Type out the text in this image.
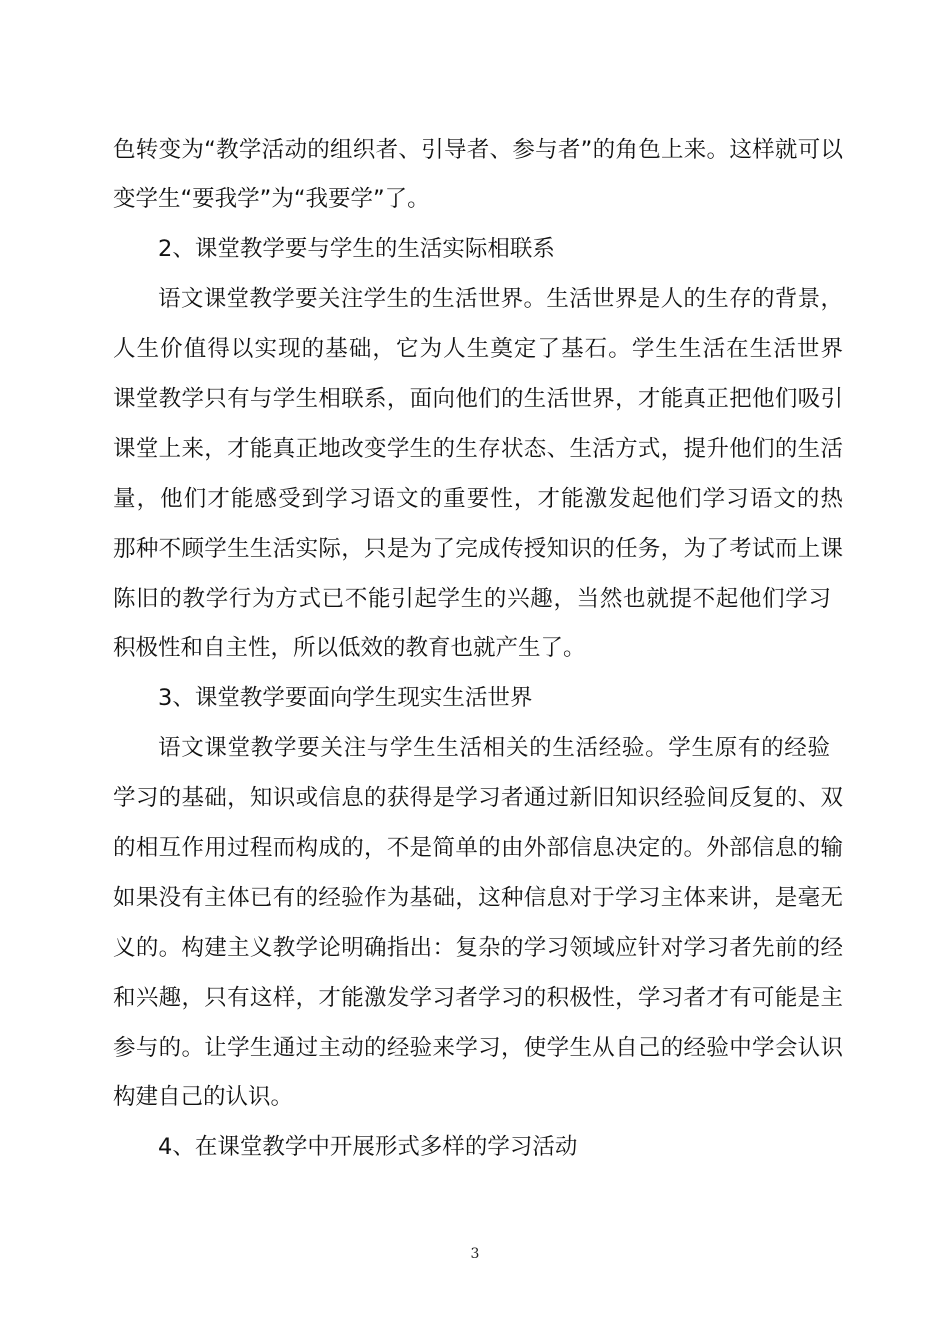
色转变为“教学活动的组织者、引导者、参与者”的角色上来。这样就可以
变学生“要我学”为“我要学”了。
2、课堂教学要与学生的生活实际相联系
语文课堂教学要关注学生的生活世界。生活世界是人的生存的背景，
人生价值得以实现的基础，它为人生奠定了基石。学生生活在生活世界
课堂教学只有与学生相联系，面向他们的生活世界，才能真正把他们吸引
课堂上来，才能真正地改变学生的生存状态、生活方式，提升他们的生活
量，他们才能感受到学习语文的重要性，才能激发起他们学习语文的热
那种不顾学生生活实际，只是为了完成传授知识的任务，为了考试而上课
陈旧的教学行为方式已不能引起学生的兴趣，当然也就提不起他们学习
积极性和自主性，所以低效的教育也就产生了。
3、课堂教学要面向学生现实生活世界
语文课堂教学要关注与学生生活相关的生活经验。学生原有的经验
学习的基础，知识或信息的获得是学习者通过新旧知识经验间反复的、双
的相互作用过程而构成的，不是简单的由外部信息决定的。外部信息的输
如果没有主体已有的经验作为基础，这种信息对于学习主体来讲，是毫无
义的。构建主义教学论明确指出：复杂的学习领域应针对学习者先前的经
和兴趣，只有这样，才能激发学习者学习的积极性，学习者才有可能是主
参与的。让学生通过主动的经验来学习，使学生从自己的经验中学会认识
构建自己的认识。
4、在课堂教学中开展形式多样的学习活动
3
